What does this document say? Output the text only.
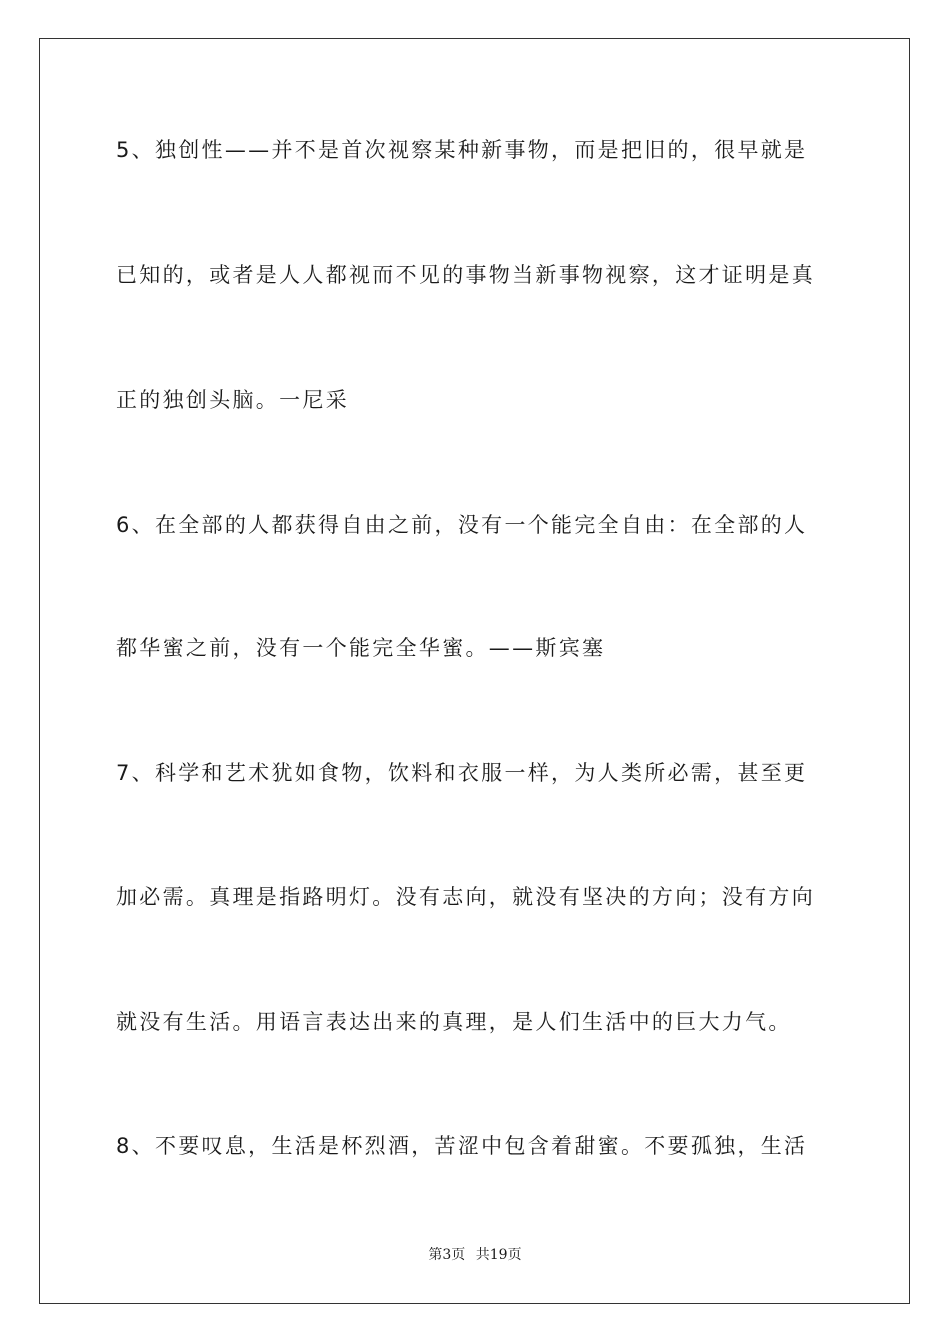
5、独创性——并不是首次视察某种新事物，而是把旧的，很早就是

已知的，或者是人人都视而不见的事物当新事物视察，这才证明是真

正的独创头脑。一尼采

6、在全部的人都获得自由之前，没有一个能完全自由：在全部的人

都华蜜之前，没有一个能完全华蜜。——斯宾塞

7、科学和艺术犹如食物，饮料和衣服一样，为人类所必需，甚至更

加必需。真理是指路明灯。没有志向，就没有坚决的方向；没有方向

就没有生活。用语言表达出来的真理，是人们生活中的巨大力气。

8、不要叹息，生活是杯烈酒，苦涩中包含着甜蜜。不要孤独，生活

第3页 共19页
